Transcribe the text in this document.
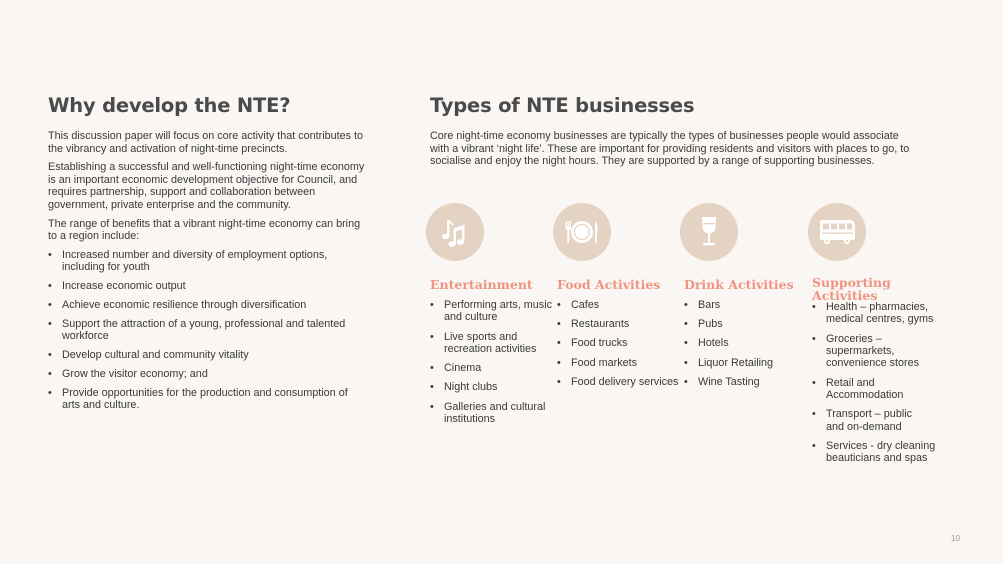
Why develop the NTE?

This discussion paper will focus on core activity that contributes to the vibrancy and activation of night-time precincts.

Establishing a successful and well-functioning night-time economy is an important economic development objective for Council, and requires partnership, support and collaboration between government, private enterprise and the community.

The range of benefits that a vibrant night-time economy can bring to a region include:

• Increased number and diversity of employment options, including for youth
• Increase economic output
• Achieve economic resilience through diversification
• Support the attraction of a young, professional and talented workforce
• Develop cultural and community vitality
• Grow the visitor economy; and
• Provide opportunities for the production and consumption of arts and culture.
Types of NTE businesses

Core night-time economy businesses are typically the types of businesses people would associate with a vibrant ‘night life’. These are important for providing residents and visitors with places to go, to socialise and enjoy the night hours. They are supported by a range of supporting businesses.

Entertainment
• Performing arts, music and culture
• Live sports and recreation activities
• Cinema
• Night clubs
• Galleries and cultural institutions
Food Activities
• Cafes
• Restaurants
• Food trucks
• Food markets
• Food delivery services
Drink Activities
• Bars
• Pubs
• Hotels
• Liquor Retailing
• Wine Tasting
Supporting Activities
• Health – pharmacies, medical centres, gyms
• Groceries – supermarkets, convenience stores
• Retail and Accommodation
• Transport – public and on-demand
• Services - dry cleaning beauticians and spas
10
